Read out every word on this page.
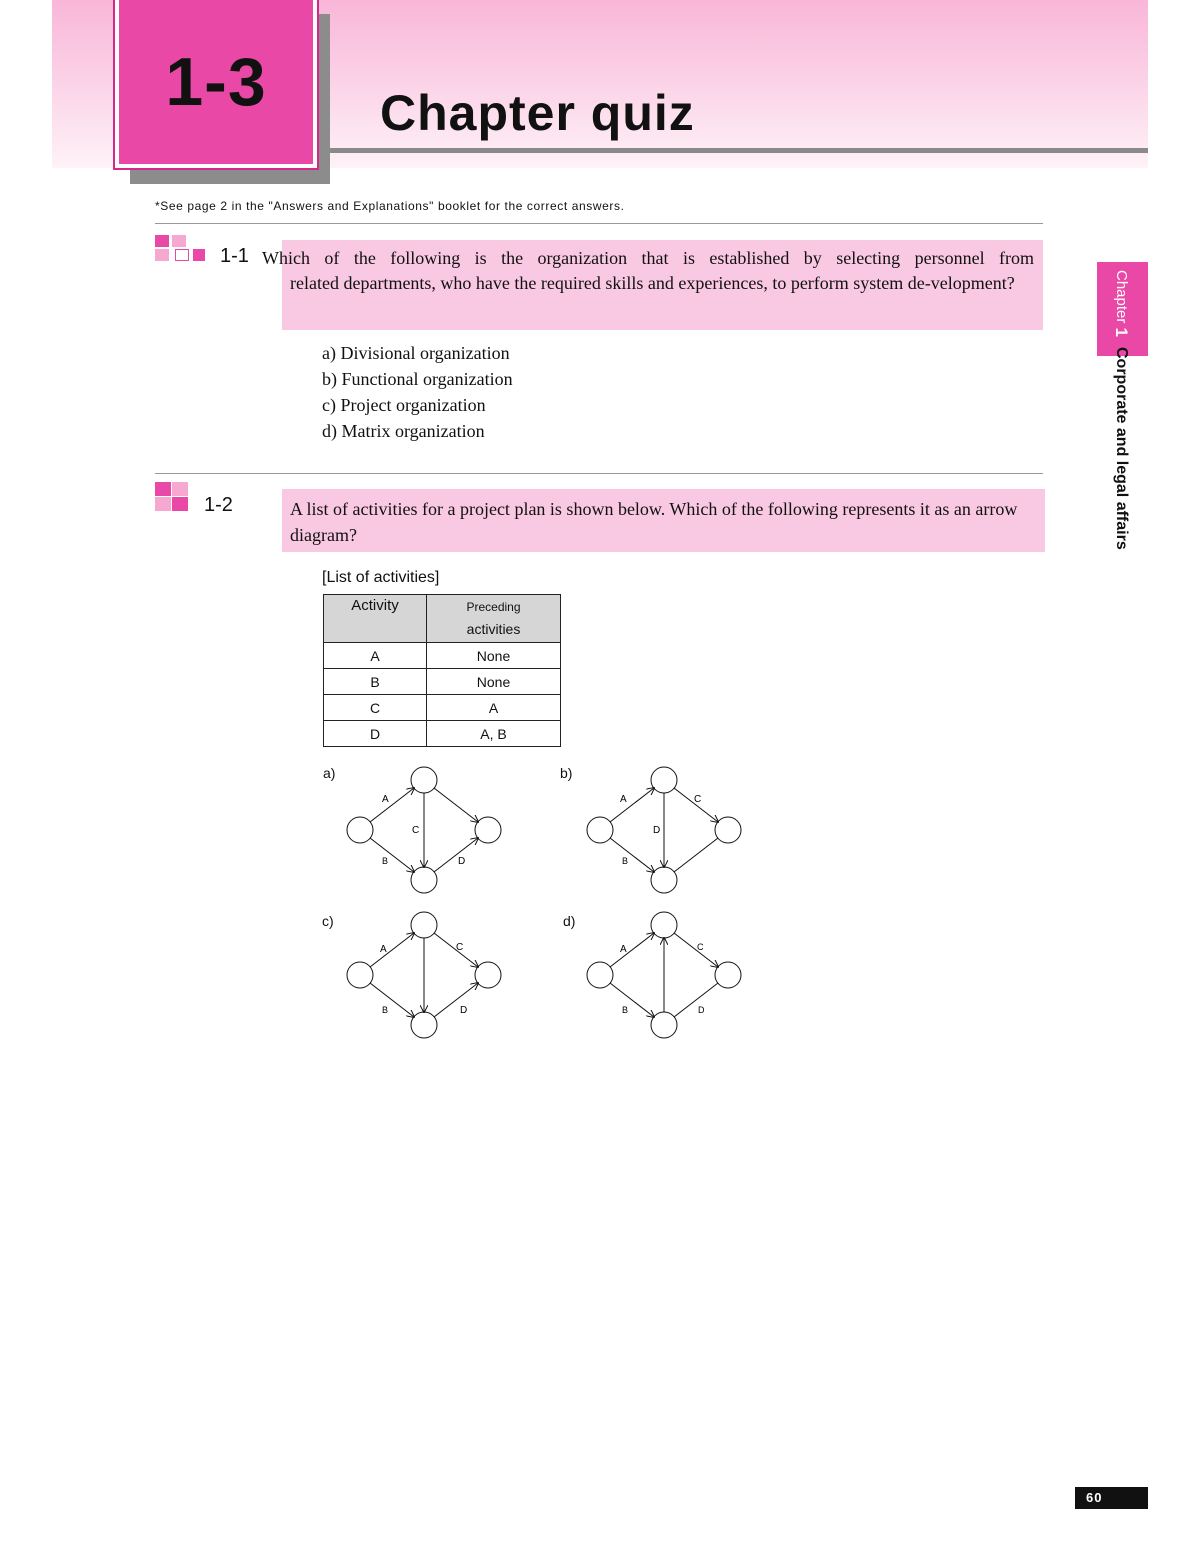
1-3 Chapter quiz
*See page 2 in the "Answers and Explanations" booklet for the correct answers.
1-1 Which of the following is the organization that is established by selecting personnel from
related departments, who have the required skills and experiences, to perform system de-velopment?
a) Divisional organization
b) Functional organization
c) Project organization
d) Matrix organization
1-2	A list of activities for a project plan is shown below. Which of the following represents it as an arrow diagram?
[List of activities]
Activity	Preceding
activities

A	None
B	None
C	A
D	A, B
a)	b)
c)	d)
A
B
C
D
A
B
C
D
A
B
C
D
A
B
C
D
Chapter 1 Corporate and legal affairs
60
